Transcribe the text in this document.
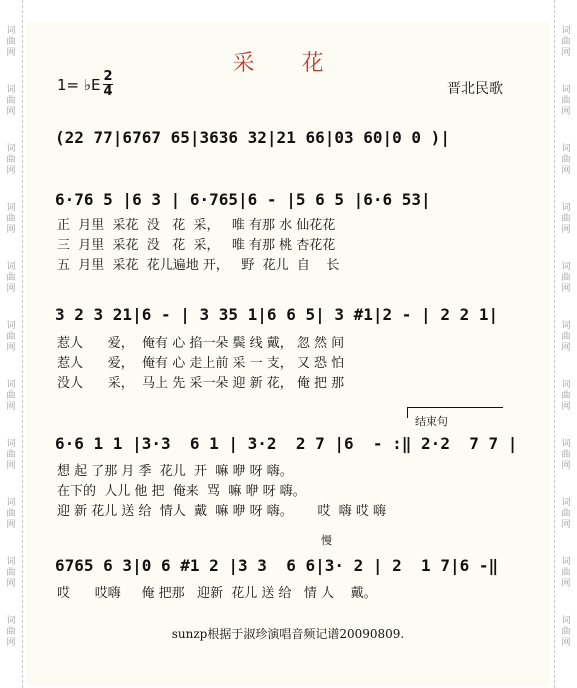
词
曲
网
词
曲
网
词
曲
网
词
曲
网
词
曲
网
词
曲
网
词
曲
网
词
曲
网
词
曲
网
词
曲
网
词
曲
网
词
曲
网
词
曲
网
词
曲
网
词
曲
网
词
曲
网
词
曲
网
词
曲
网
词
曲
网
词
曲
网
词
曲
网
词
曲
网
采 花
1= ♭E 2
4	晋北民歌
(22 77|6767 65|3636 32|21 66|03 60|0 0 )|
6·76 5 |6 3 | 6·765|6 - |5 6 5 |6·6 53|
正  月里  采花  没   花  采，   唯 有那 水 仙花花
三  月里  采花  没   花  采，   唯 有那 桃 杏花花
五  月里  采花  花儿遍地 开，   野  花儿  自    长
3 2 3 21|6 - | 3 35 1|6 6 5| 3 #1|2 - | 2 2 1|
惹人      爱，  俺有 心 掐一朵 鬓 线 戴， 忽 然 间
惹人      爱，  俺有 心 走上前 采 一 支， 又 恐 怕
没人      采，  马上 先 采一朵 迎 新 花， 俺 把 那
结束句
6·6 1 1 |3·3  6 1 | 3·2  2 7 |6  - :‖ 2·2  7 7 |
想 起 了那 月 季  花儿  开  嘛 咿 呀 嗨。
在下的  人儿 他 把  俺来  骂  嘛 咿 呀 嗨。
迎 新 花儿 送 给  情人  戴  嘛 咿 呀 嗨。      哎  嗨 哎 嗨
慢
6765 6 3|0 6 #1 2 |3 3  6 6|3· 2 | 2  1 7|6 -‖
哎      哎嗨     俺 把那   迎新  花儿 送 给   情 人    戴。
sunzp根据于淑珍演唱音频记谱20090809.
